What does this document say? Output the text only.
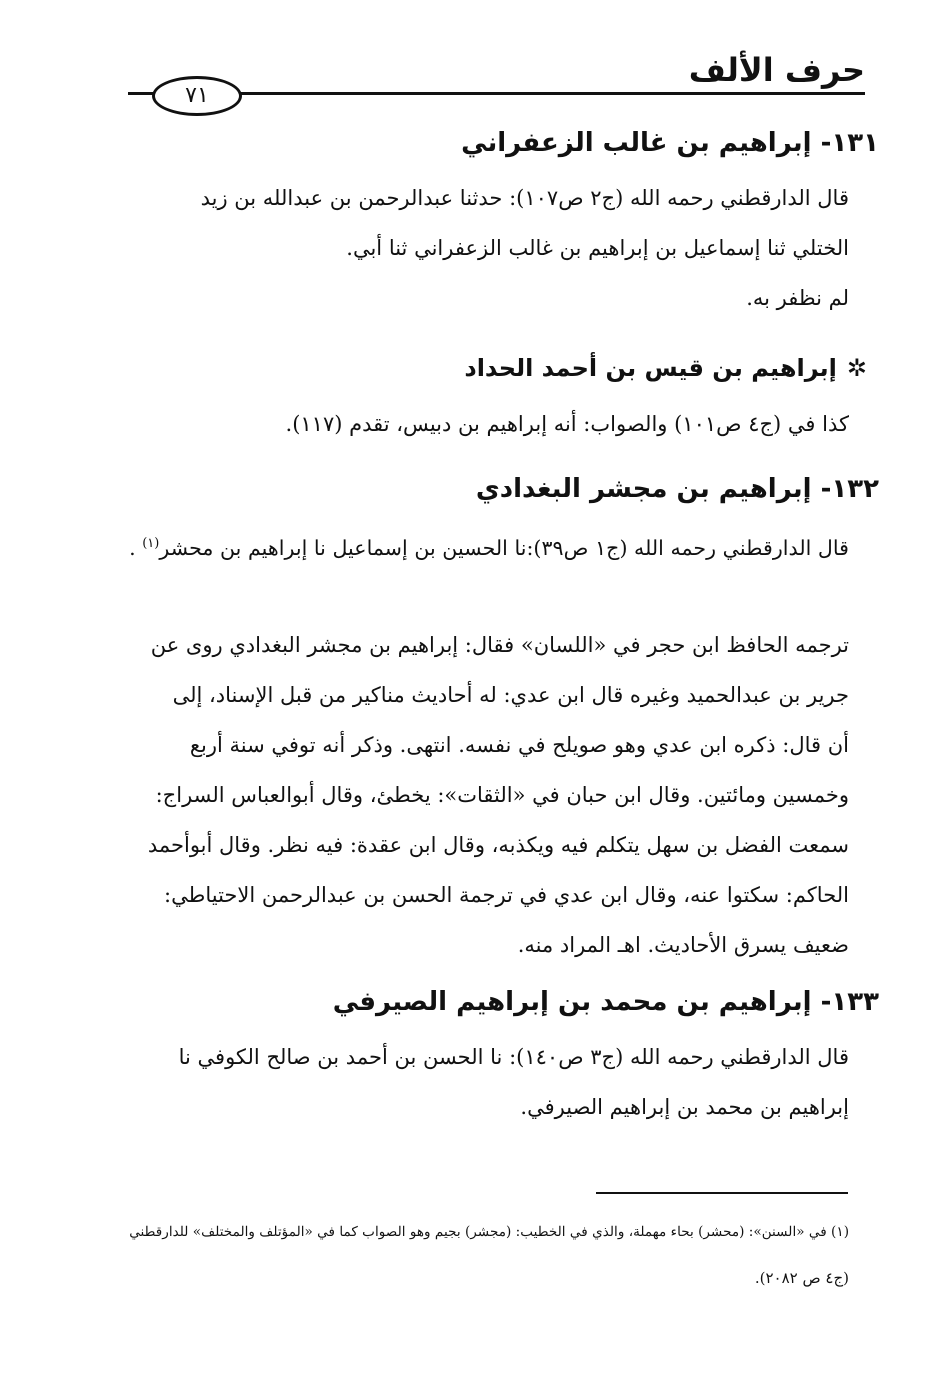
حرف الألف
٧١
١٣١- إبراهيم بن غالب الزعفراني
قال الدارقطني رحمه الله (ج٢ ص١٠٧): حدثنا عبدالرحمن بن عبدالله بن زيد
الختلي ثنا إسماعيل بن إبراهيم بن غالب الزعفراني ثنا أبي.
لم نظفر به.
✲إبراهيم بن قيس بن أحمد الحداد
كذا في (ج٤ ص١٠١) والصواب: أنه إبراهيم بن دبيس، تقدم (١١٧).
١٣٢- إبراهيم بن مجشر البغدادي
قال الدارقطني رحمه الله (ج١ ص٣٩):نا الحسين بن إسماعيل نا إبراهيم بن محشر$^{(١)}$ .
ترجمه الحافظ ابن حجر في «اللسان» فقال: إبراهيم بن مجشر البغدادي روى عن
جرير بن عبدالحميد وغيره قال ابن عدي: له أحاديث مناكير من قبل الإسناد، إلى
أن قال: ذكره ابن عدي وهو صويلح في نفسه. انتهى. وذكر أنه توفي سنة أربع
وخمسين ومائتين. وقال ابن حبان في «الثقات»: يخطئ، وقال أبوالعباس السراج:
سمعت الفضل بن سهل يتكلم فيه ويكذبه، وقال ابن عقدة: فيه نظر. وقال أبوأحمد
الحاكم: سكتوا عنه، وقال ابن عدي في ترجمة الحسن بن عبدالرحمن الاحتياطي:
ضعيف يسرق الأحاديث. اهـ المراد منه.
١٣٣- إبراهيم بن محمد بن إبراهيم الصيرفي
قال الدارقطني رحمه الله (ج٣ ص١٤٠): نا الحسن بن أحمد بن صالح الكوفي نا
إبراهيم بن محمد بن إبراهيم الصيرفي.
(١) في «السنن»: (محشر) بحاء مهملة، والذي في الخطيب: (مجشر) بجيم وهو الصواب كما في «المؤتلف والمختلف» للدارقطني
(ج٤ ص ٢٠٨٢).
